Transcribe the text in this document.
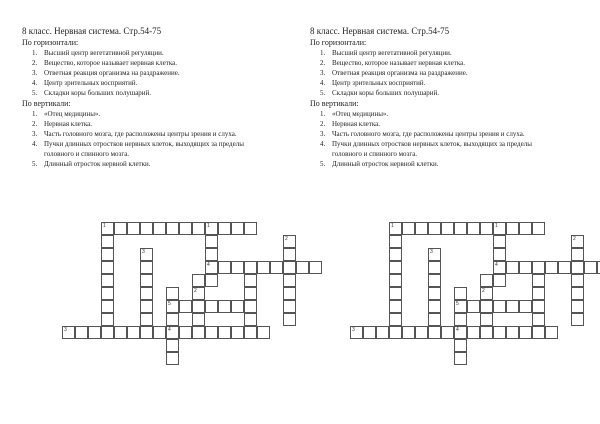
8 класс. Нервная система. Стр.54-75
По горизонтали:
1. Высший центр вегетативной регуляции.
2. Вещество, которое называет нервная клетка.
3. Ответная реакция организма на раздражение.
4. Центр зрительных восприятий.
5. Складки коры больших полушарий.
По вертикали:
1. «Отец медицины».
2. Нервная клетка.
3. Часть головного мозга, где расположены центры зрения и слуха.
4. Пучки длинных отростков нервных клеток, выходящих за пределы головного и спинного мозга.
5. Длинный отросток нервной клетки.
1	1
4
2
3
2
5
3	4
8 класс. Нервная система. Стр.54-75
По горизонтали:
1. Высший центр вегетативной регуляции.
2. Вещество, которое называет нервная клетка.
3. Ответная реакция организма на раздражение.
4. Центр зрительных восприятий.
5. Складки коры больших полушарий.
По вертикали:
1. «Отец медицины».
2. Нервная клетка.
3. Часть головного мозга, где расположены центры зрения и слуха.
4. Пучки длинных отростков нервных клеток, выходящих за пределы головного и спинного мозга.
5. Длинный отросток нервной клетки.
1	1
4
2
3
2
5
3	4
